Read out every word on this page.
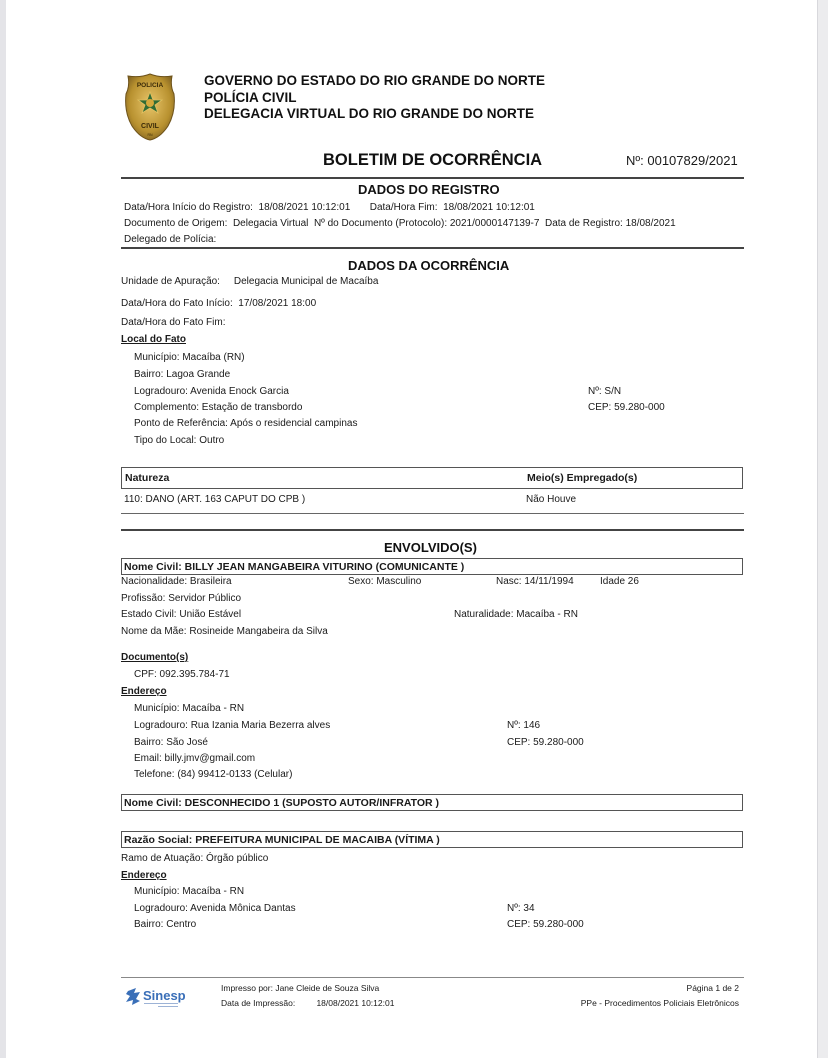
POLICIA
CIVIL
RN
GOVERNO DO ESTADO DO RIO GRANDE DO NORTE
POLÍCIA CIVIL
DELEGACIA VIRTUAL DO RIO GRANDE DO NORTE
BOLETIM DE OCORRÊNCIA	Nº: 00107829/2021
DADOS DO REGISTRO
Data/Hora Início do Registro: 18/08/2021 10:12:01 Data/Hora Fim: 18/08/2021 10:12:01
Documento de Origem: Delegacia Virtual Nº do Documento (Protocolo): 2021/0000147139-7 Data de Registro: 18/08/2021
Delegado de Polícia:
DADOS DA OCORRÊNCIA
Unidade de Apuração: Delegacia Municipal de Macaíba
Data/Hora do Fato Início: 17/08/2021 18:00
Data/Hora do Fato Fim:
Local do Fato
Município: Macaíba (RN)
Bairro: Lagoa Grande
Logradouro: Avenida Enock Garcia	Nº: S/N
Complemento: Estação de transbordo	CEP: 59.280-000
Ponto de Referência: Após o residencial campinas
Tipo do Local: Outro
Natureza	Meio(s) Empregado(s)
110: DANO (ART. 163 CAPUT DO CPB )	Não Houve
ENVOLVIDO(S)
Nome Civil: BILLY JEAN MANGABEIRA VITURINO (COMUNICANTE )
Nacionalidade: Brasileira	Sexo: Masculino	Nasc: 14/11/1994	Idade 26
Profissão: Servidor Público
Estado Civil: União Estável	Naturalidade: Macaíba - RN
Nome da Mãe: Rosineide Mangabeira da Silva
Documento(s)
CPF: 092.395.784-71
Endereço
Município: Macaíba - RN
Logradouro: Rua Izania Maria Bezerra alves	Nº: 146
Bairro: São José	CEP: 59.280-000
Email: billy.jmv@gmail.com
Telefone: (84) 99412-0133 (Celular)
Nome Civil: DESCONHECIDO 1 (SUPOSTO AUTOR/INFRATOR )
Razão Social: PREFEITURA MUNICIPAL DE MACAIBA (VÍTIMA )
Ramo de Atuação: Órgão público
Endereço
Município: Macaíba - RN
Logradouro: Avenida Mônica Dantas	Nº: 34
Bairro: Centro	CEP: 59.280-000
Sinesp	Impresso por: Jane Cleide de Souza Silva
Data de Impressão:	18/08/2021 10:12:01
Página 1 de 2
PPe - Procedimentos Policiais Eletrônicos
